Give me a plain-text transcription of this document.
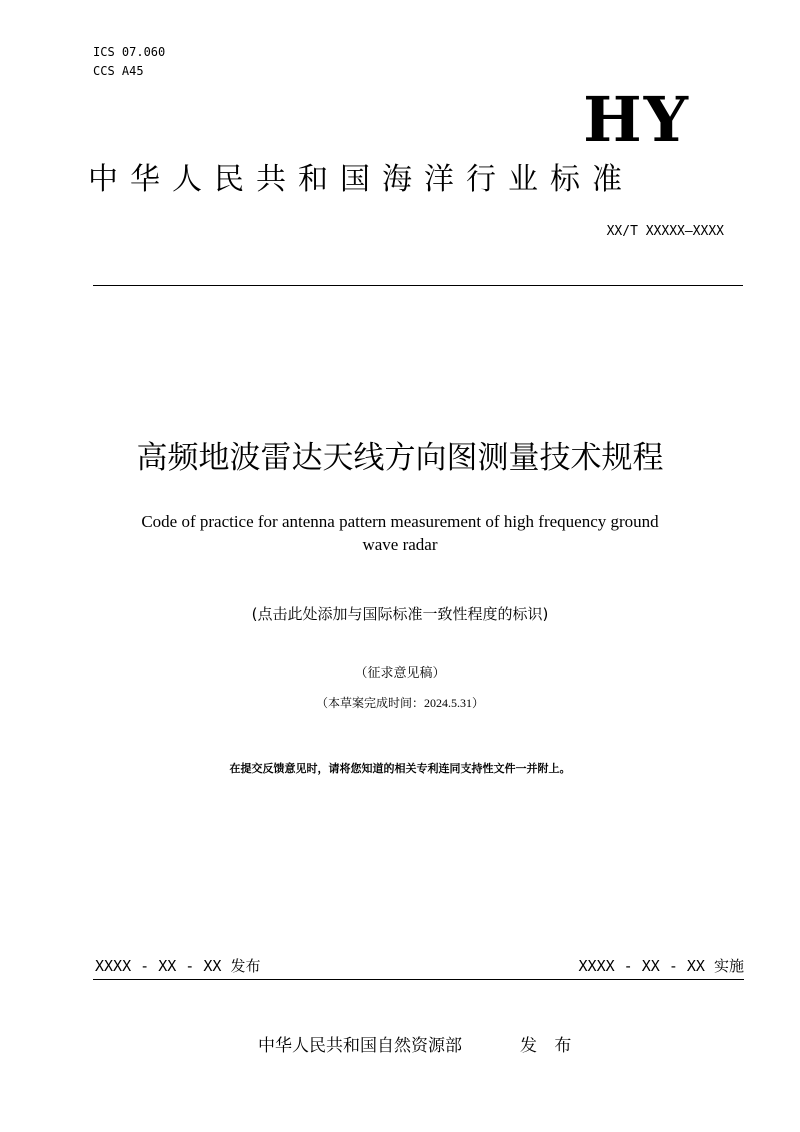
ICS 07.060
CCS A45
HY
中华人民共和国海洋行业标准
XX/T XXXXX—XXXX
高频地波雷达天线方向图测量技术规程
Code of practice for antenna pattern measurement of high frequency ground
wave radar
(点击此处添加与国际标准一致性程度的标识)
（征求意见稿）
（本草案完成时间：2024.5.31）
在提交反馈意见时，请将您知道的相关专利连同支持性文件一并附上。
XXXX - XX - XX 发布	XXXX - XX - XX 实施
中华人民共和国自然资源部	发 布
